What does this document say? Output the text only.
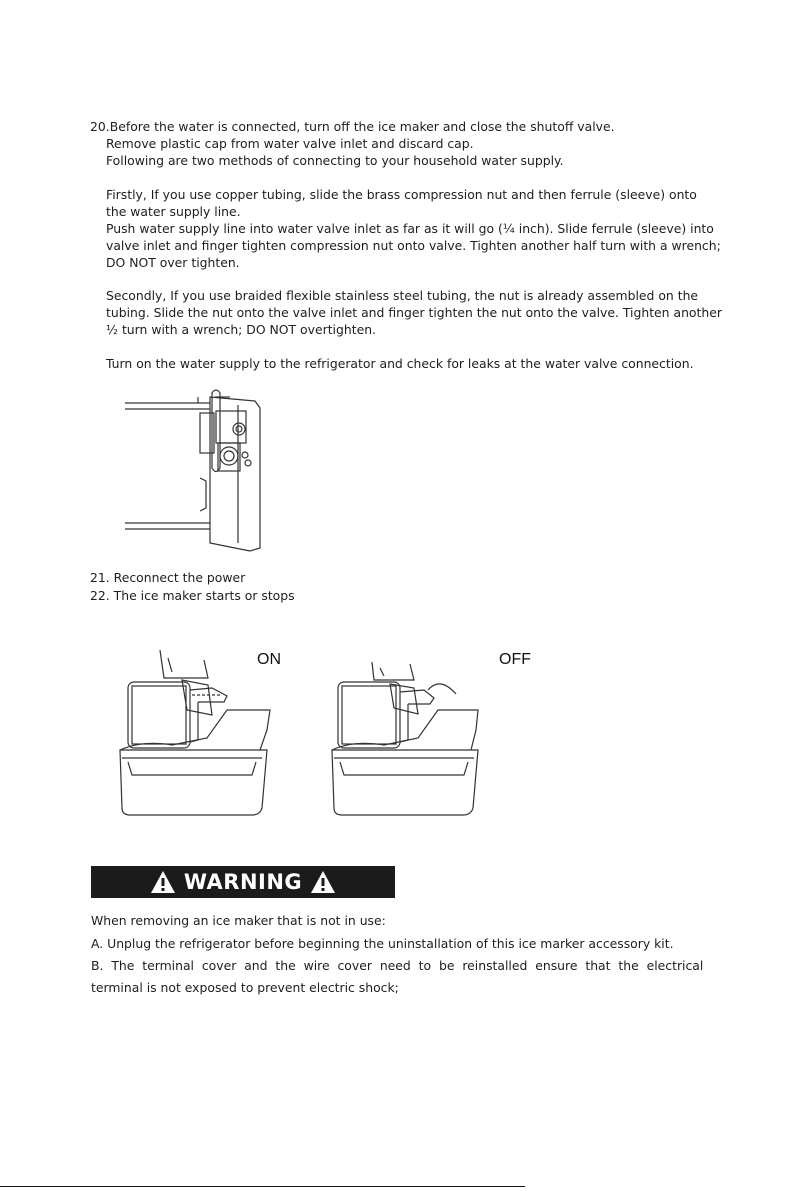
20.Before the water is connected, turn off the ice maker and close the shutoff valve.
Remove plastic cap from water valve inlet and discard cap.
Following are two methods of connecting to your household water supply.
Firstly, If you use copper tubing, slide the brass compression nut and then ferrule (sleeve) onto
the water supply line.
Push water supply line into water valve inlet as far as it will go (¼ inch). Slide ferrule (sleeve) into
valve inlet and finger tighten compression nut onto valve. Tighten another half turn with a wrench;
DO NOT over tighten.
Secondly, If you use braided flexible stainless steel tubing, the nut is already assembled on the
tubing. Slide the nut onto the valve inlet and finger tighten the nut onto the valve. Tighten another
½ turn with a wrench; DO NOT overtighten.
Turn on the water supply to the refrigerator and check for leaks at the water valve connection.
21. Reconnect the power
22. The ice maker starts or stops
ON	OFF
WARNING
When removing an ice maker that is not in use:
A. Unplug the refrigerator before beginning the uninstallation of this ice marker accessory kit.
B.  The  terminal  cover  and  the  wire  cover  need  to  be  reinstalled  ensure  that  the  electrical
terminal is not exposed to prevent electric shock;
